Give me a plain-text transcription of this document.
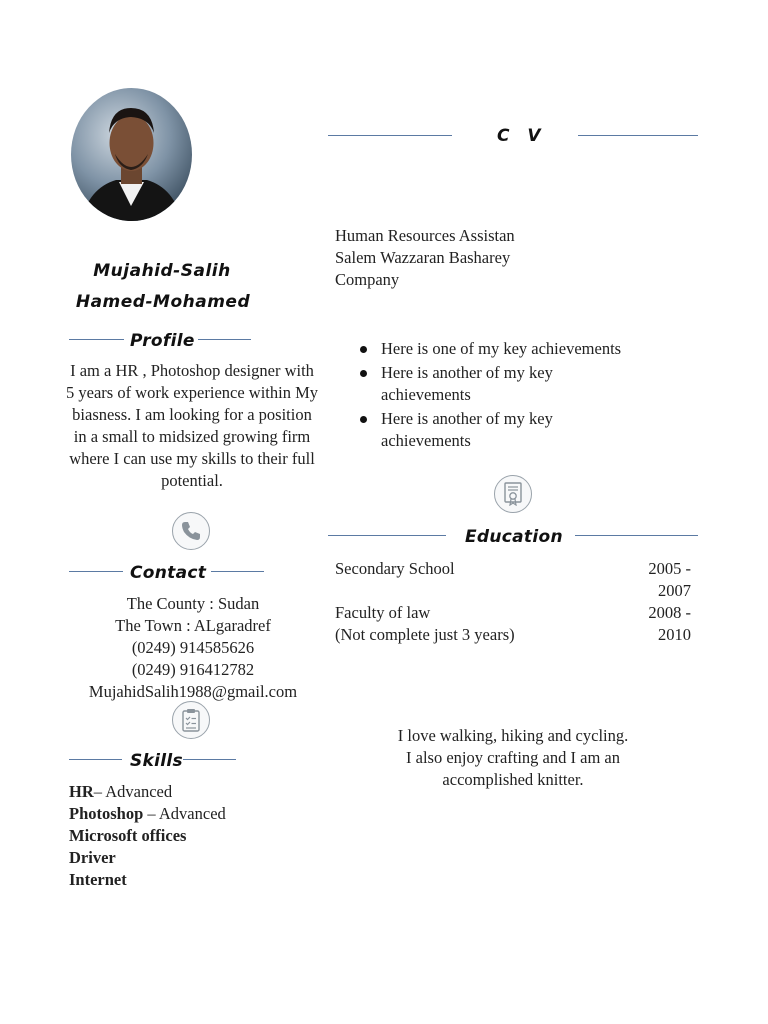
C V
Mujahid-Salih
Hamed-Mohamed
Human Resources Assistan
Salem Wazzaran Basharey
Company
Here is one of my key achievements
Here is another of my key achievements
Here is another of my key achievements
Profile
I am a HR , Photoshop designer with 5 years of work experience within My biasness. I am looking for a position in a small to midsized growing firm where I can use my skills to their full potential.
Education
Secondary School	2005 -
2007
Faculty of law
(Not complete just 3 years)
2008 -
2010
Contact
The County : Sudan
The Town : ALgaradref
(0249) 914585626
(0249) 916412782
MujahidSalih1988@gmail.com
I love walking, hiking and cycling.
I also enjoy crafting and I am an
accomplished knitter.
Skills
HR– Advanced
Photoshop – Advanced
Microsoft offices
Driver
Internet
